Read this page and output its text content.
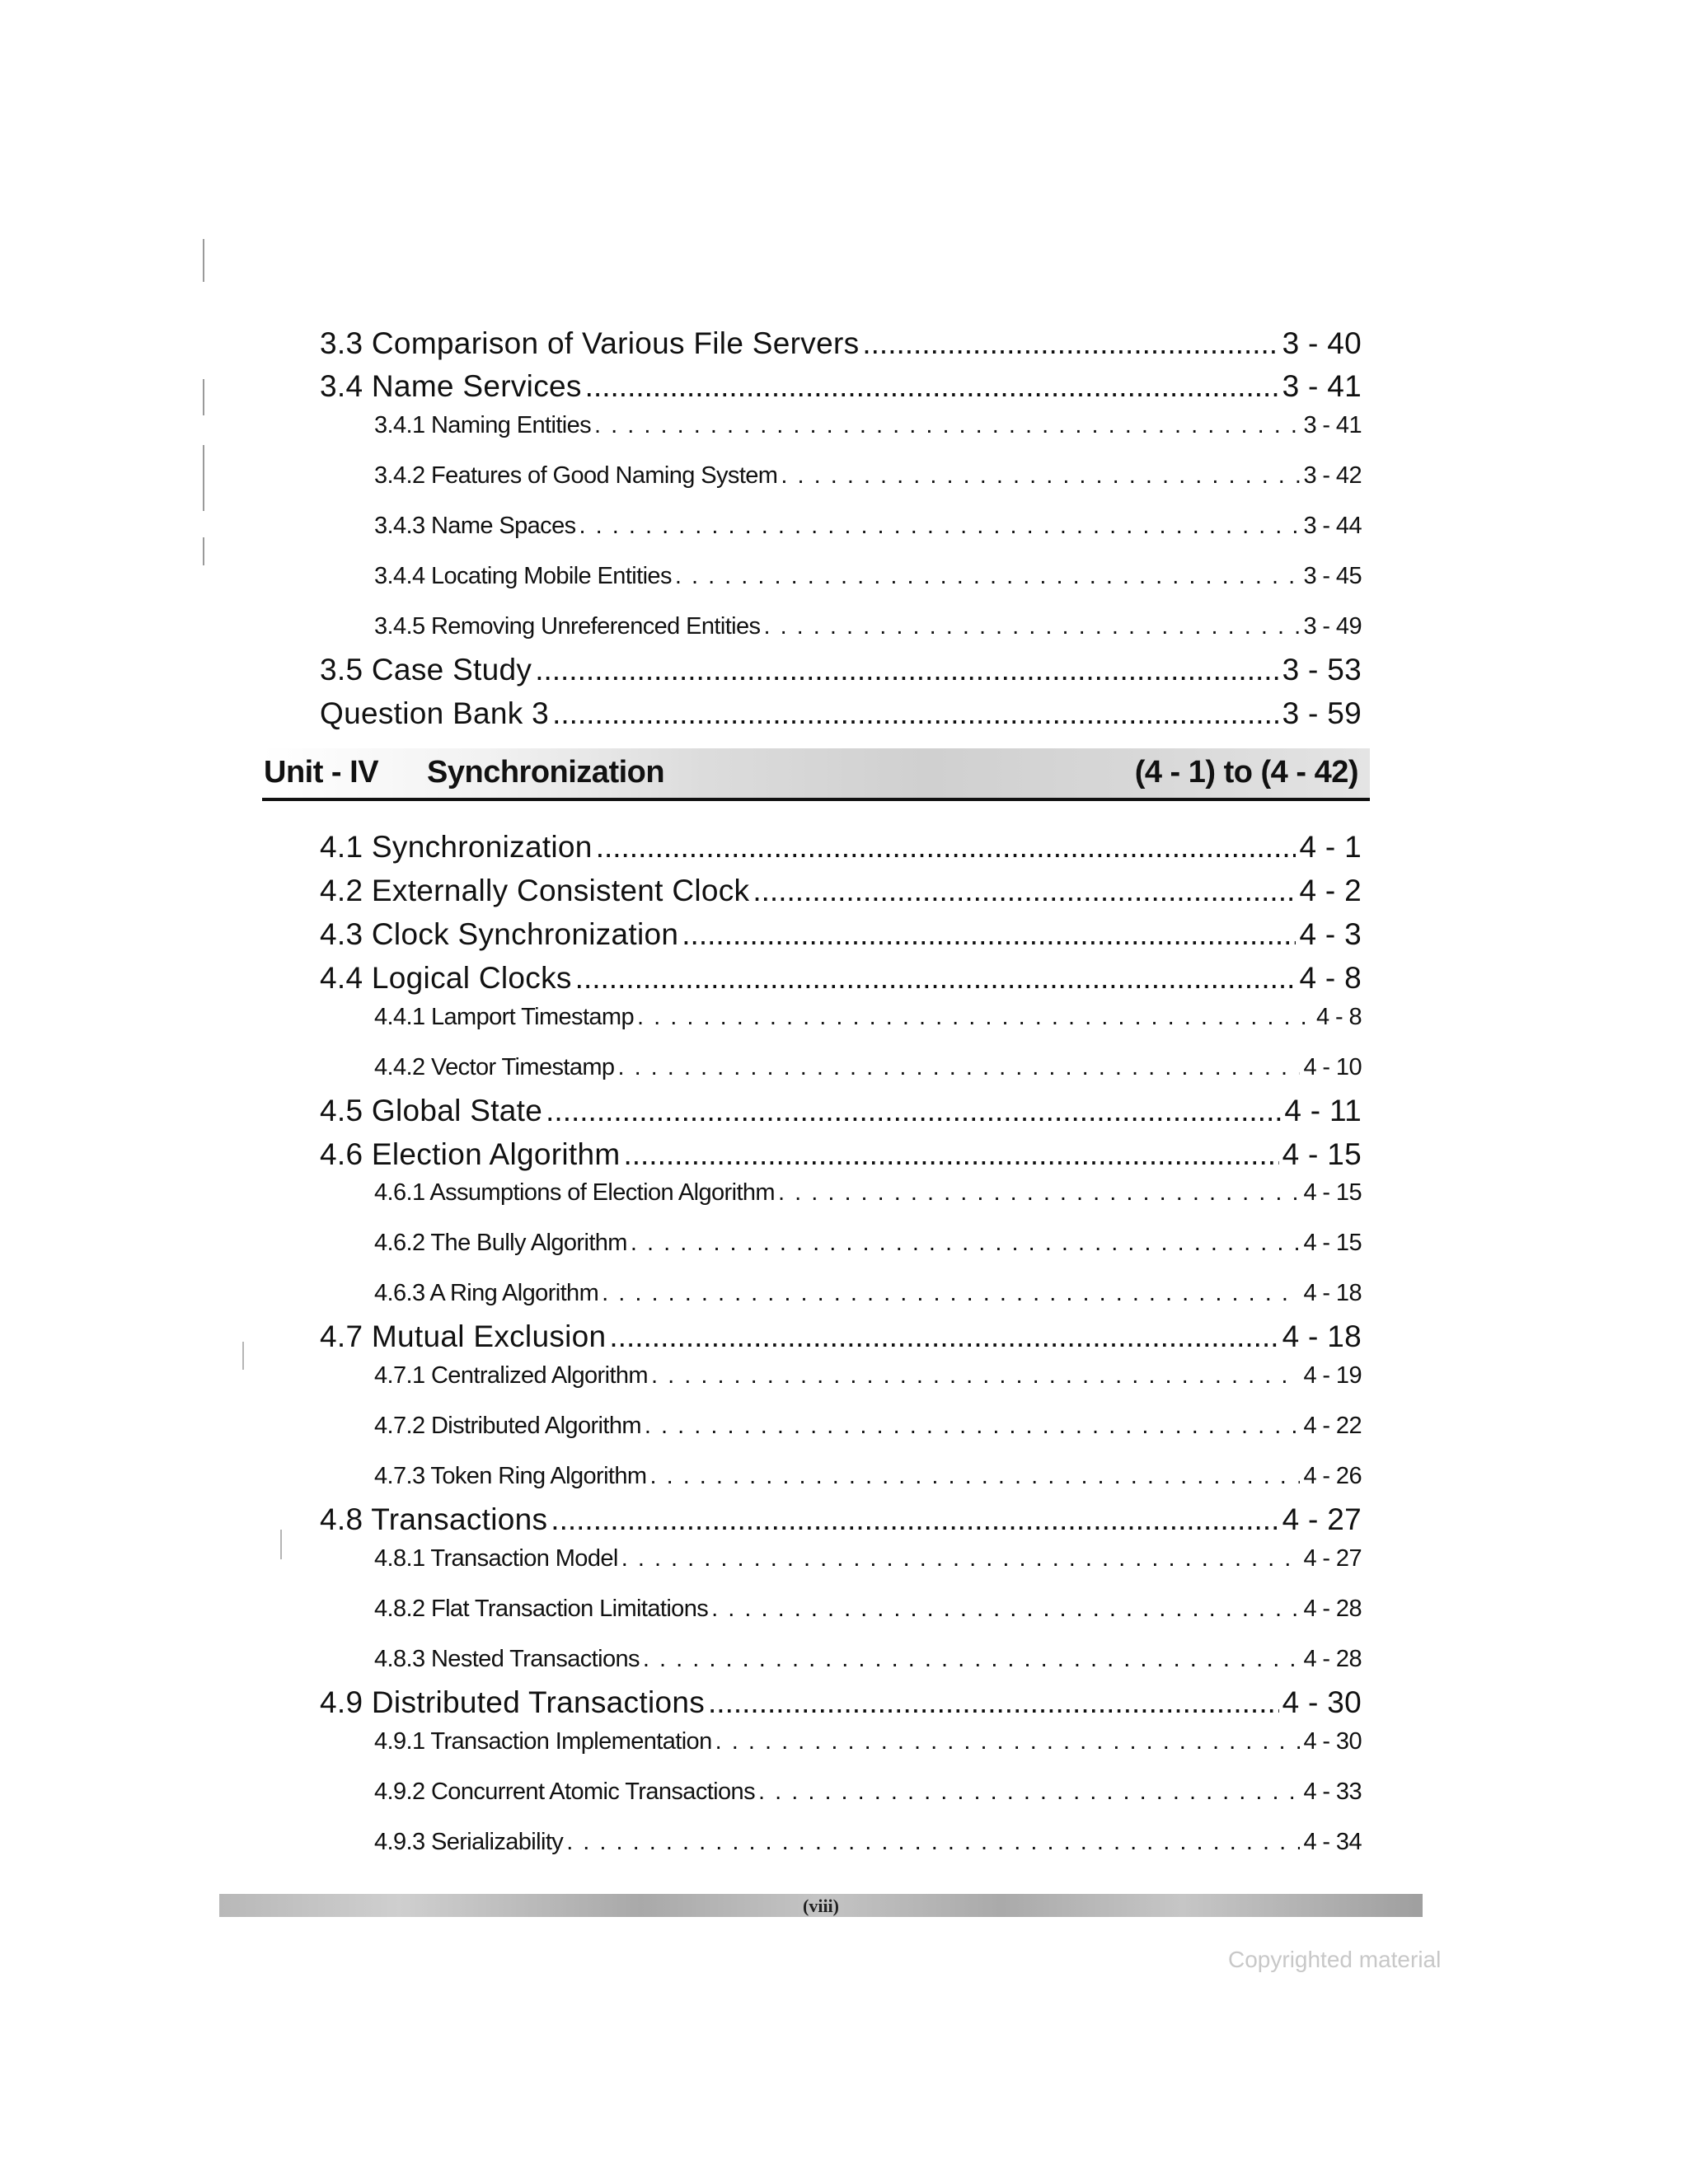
3.3 Comparison of Various File Servers .....	3 - 40
3.4 Name Services .....	3 - 41
3.4.1 Naming Entities . . .	3 - 41
3.4.2 Features of Good Naming System . . .	3 - 42
3.4.3 Name Spaces . . .	3 - 44
3.4.4 Locating Mobile Entities . . .	3 - 45
3.4.5 Removing Unreferenced Entities . . .	3 - 49
3.5 Case Study .....	3 - 53
Question Bank 3 .....	3 - 59
Unit - IV Synchronization	(4 - 1) to (4 - 42)
4.1 Synchronization .....	4 - 1
4.2 Externally Consistent Clock .....	4 - 2
4.3 Clock Synchronization .....	4 - 3
4.4 Logical Clocks .....	4 - 8
4.4.1 Lamport Timestamp . . .	4 - 8
4.4.2 Vector Timestamp . . .	4 - 10
4.5 Global State .....	4 - 11
4.6 Election Algorithm .....	4 - 15
4.6.1 Assumptions of Election Algorithm . . .	4 - 15
4.6.2 The Bully Algorithm . . .	4 - 15
4.6.3 A Ring Algorithm . . .	4 - 18
4.7 Mutual Exclusion .....	4 - 18
4.7.1 Centralized Algorithm . . .	4 - 19
4.7.2 Distributed Algorithm . . .	4 - 22
4.7.3 Token Ring Algorithm . . .	4 - 26
4.8 Transactions .....	4 - 27
4.8.1 Transaction Model . . .	4 - 27
4.8.2 Flat Transaction Limitations . . .	4 - 28
4.8.3 Nested Transactions . . .	4 - 28
4.9 Distributed Transactions .....	4 - 30
4.9.1 Transaction Implementation . . .	4 - 30
4.9.2 Concurrent Atomic Transactions . . .	4 - 33
4.9.3 Serializability . . .	4 - 34
(viii)
Copyrighted material
